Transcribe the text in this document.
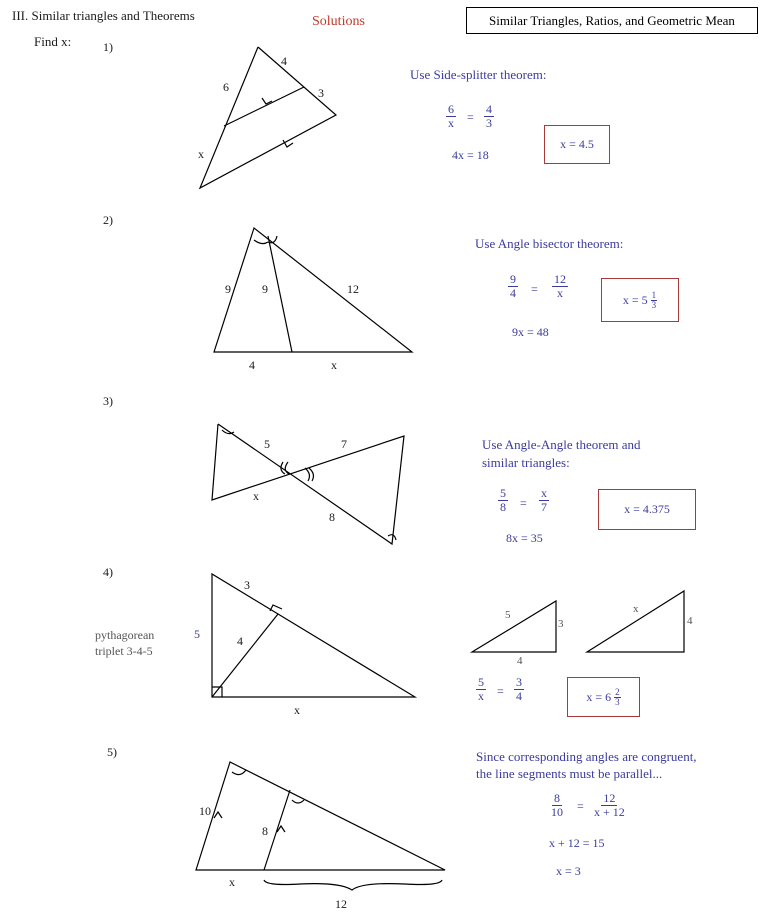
III. Similar triangles and Theorems	Solutions	Similar Triangles, Ratios, and Geometric Mean
Find x:	1)
6
4
3
x
Use Side-splitter theorem:
$\frac{6}{x} = \frac{4}{3}$
4x = 18
x = 4.5
2)
9	9	12
4	x
Use Angle bisector theorem:
$\frac{9}{4} = \frac{12}{x}$
9x = 48
$x = 5 \frac{1}{3}$
3)
5	7
x
8
Use Angle-Angle theorem and
similar triangles:
$\frac{5}{8} = \frac{x}{7}$
8x = 35
x = 4.375
4)
pythagorean
triplet 3-4-5
3
5	4
x
5
3
4
x
4
$\frac{5}{x} = \frac{3}{4}$	$x = 6 \frac{2}{3}$
5)
10
8
x
12
Since corresponding angles are congruent,
the line segments must be parallel...
$\frac{8}{10} = \frac{12}{x + 12}$
x + 12 = 15
x = 3
